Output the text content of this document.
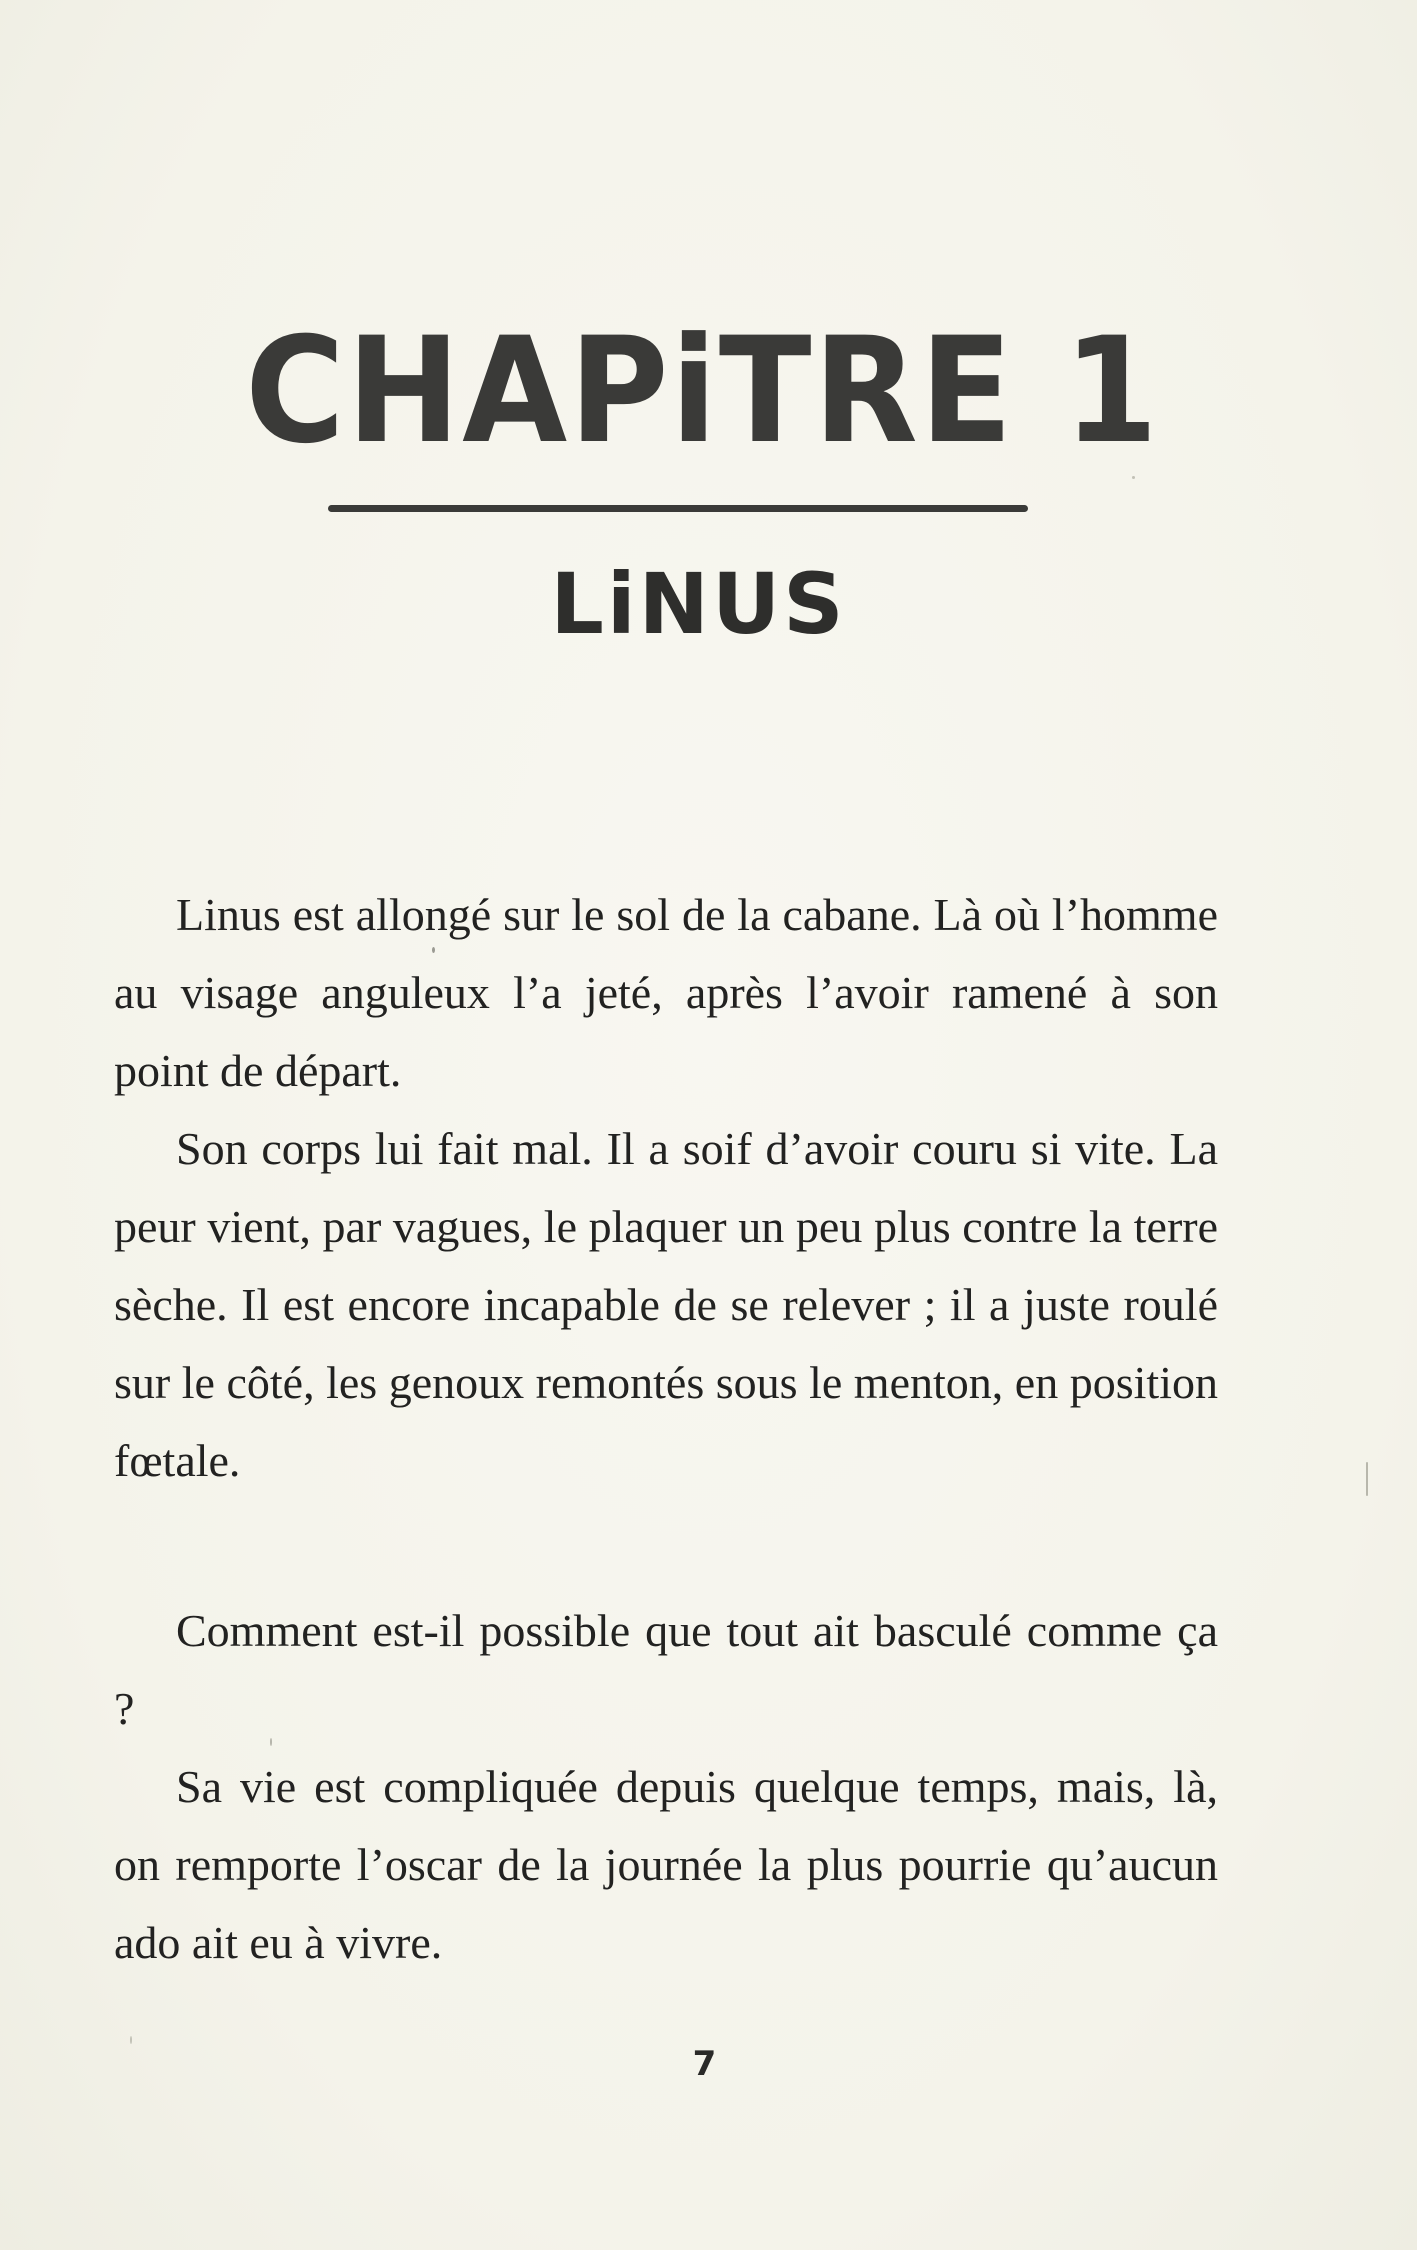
CHAPiTRE 1
LiNUS

Linus est allongé sur le sol de la cabane. Là où l’homme au visage anguleux l’a jeté, après l’avoir ramené à son point de départ.

Son corps lui fait mal. Il a soif d’avoir couru si vite. La peur vient, par vagues, le plaquer un peu plus contre la terre sèche. Il est encore incapable de se relever ; il a juste roulé sur le côté, les genoux remontés sous le menton, en position fœtale.

Comment est-il possible que tout ait basculé comme ça ?

Sa vie est compliquée depuis quelque temps, mais, là, on remporte l’oscar de la journée la plus pourrie qu’aucun ado ait eu à vivre.

7
